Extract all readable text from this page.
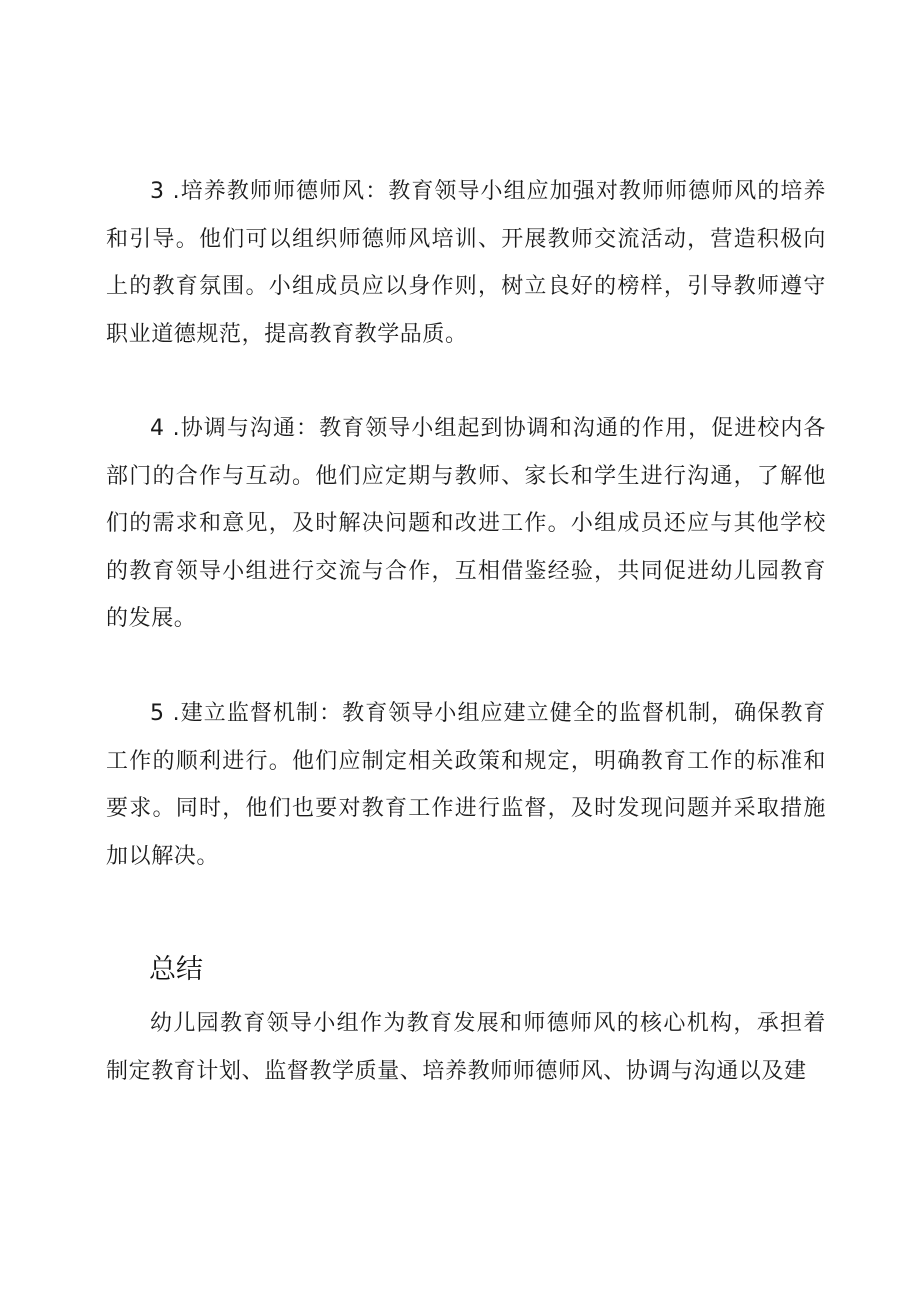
3 .培养教师师德师风：教育领导小组应加强对教师师德师风的培养和引导。他们可以组织师德师风培训、开展教师交流活动，营造积极向上的教育氛围。小组成员应以身作则，树立良好的榜样，引导教师遵守职业道德规范，提高教育教学品质。

4 .协调与沟通：教育领导小组起到协调和沟通的作用，促进校内各部门的合作与互动。他们应定期与教师、家长和学生进行沟通，了解他们的需求和意见，及时解决问题和改进工作。小组成员还应与其他学校的教育领导小组进行交流与合作，互相借鉴经验，共同促进幼儿园教育的发展。

5 .建立监督机制：教育领导小组应建立健全的监督机制，确保教育工作的顺利进行。他们应制定相关政策和规定，明确教育工作的标准和要求。同时，他们也要对教育工作进行监督，及时发现问题并采取措施加以解决。

总结

幼儿园教育领导小组作为教育发展和师德师风的核心机构，承担着制定教育计划、监督教学质量、培养教师师德师风、协调与沟通以及建
